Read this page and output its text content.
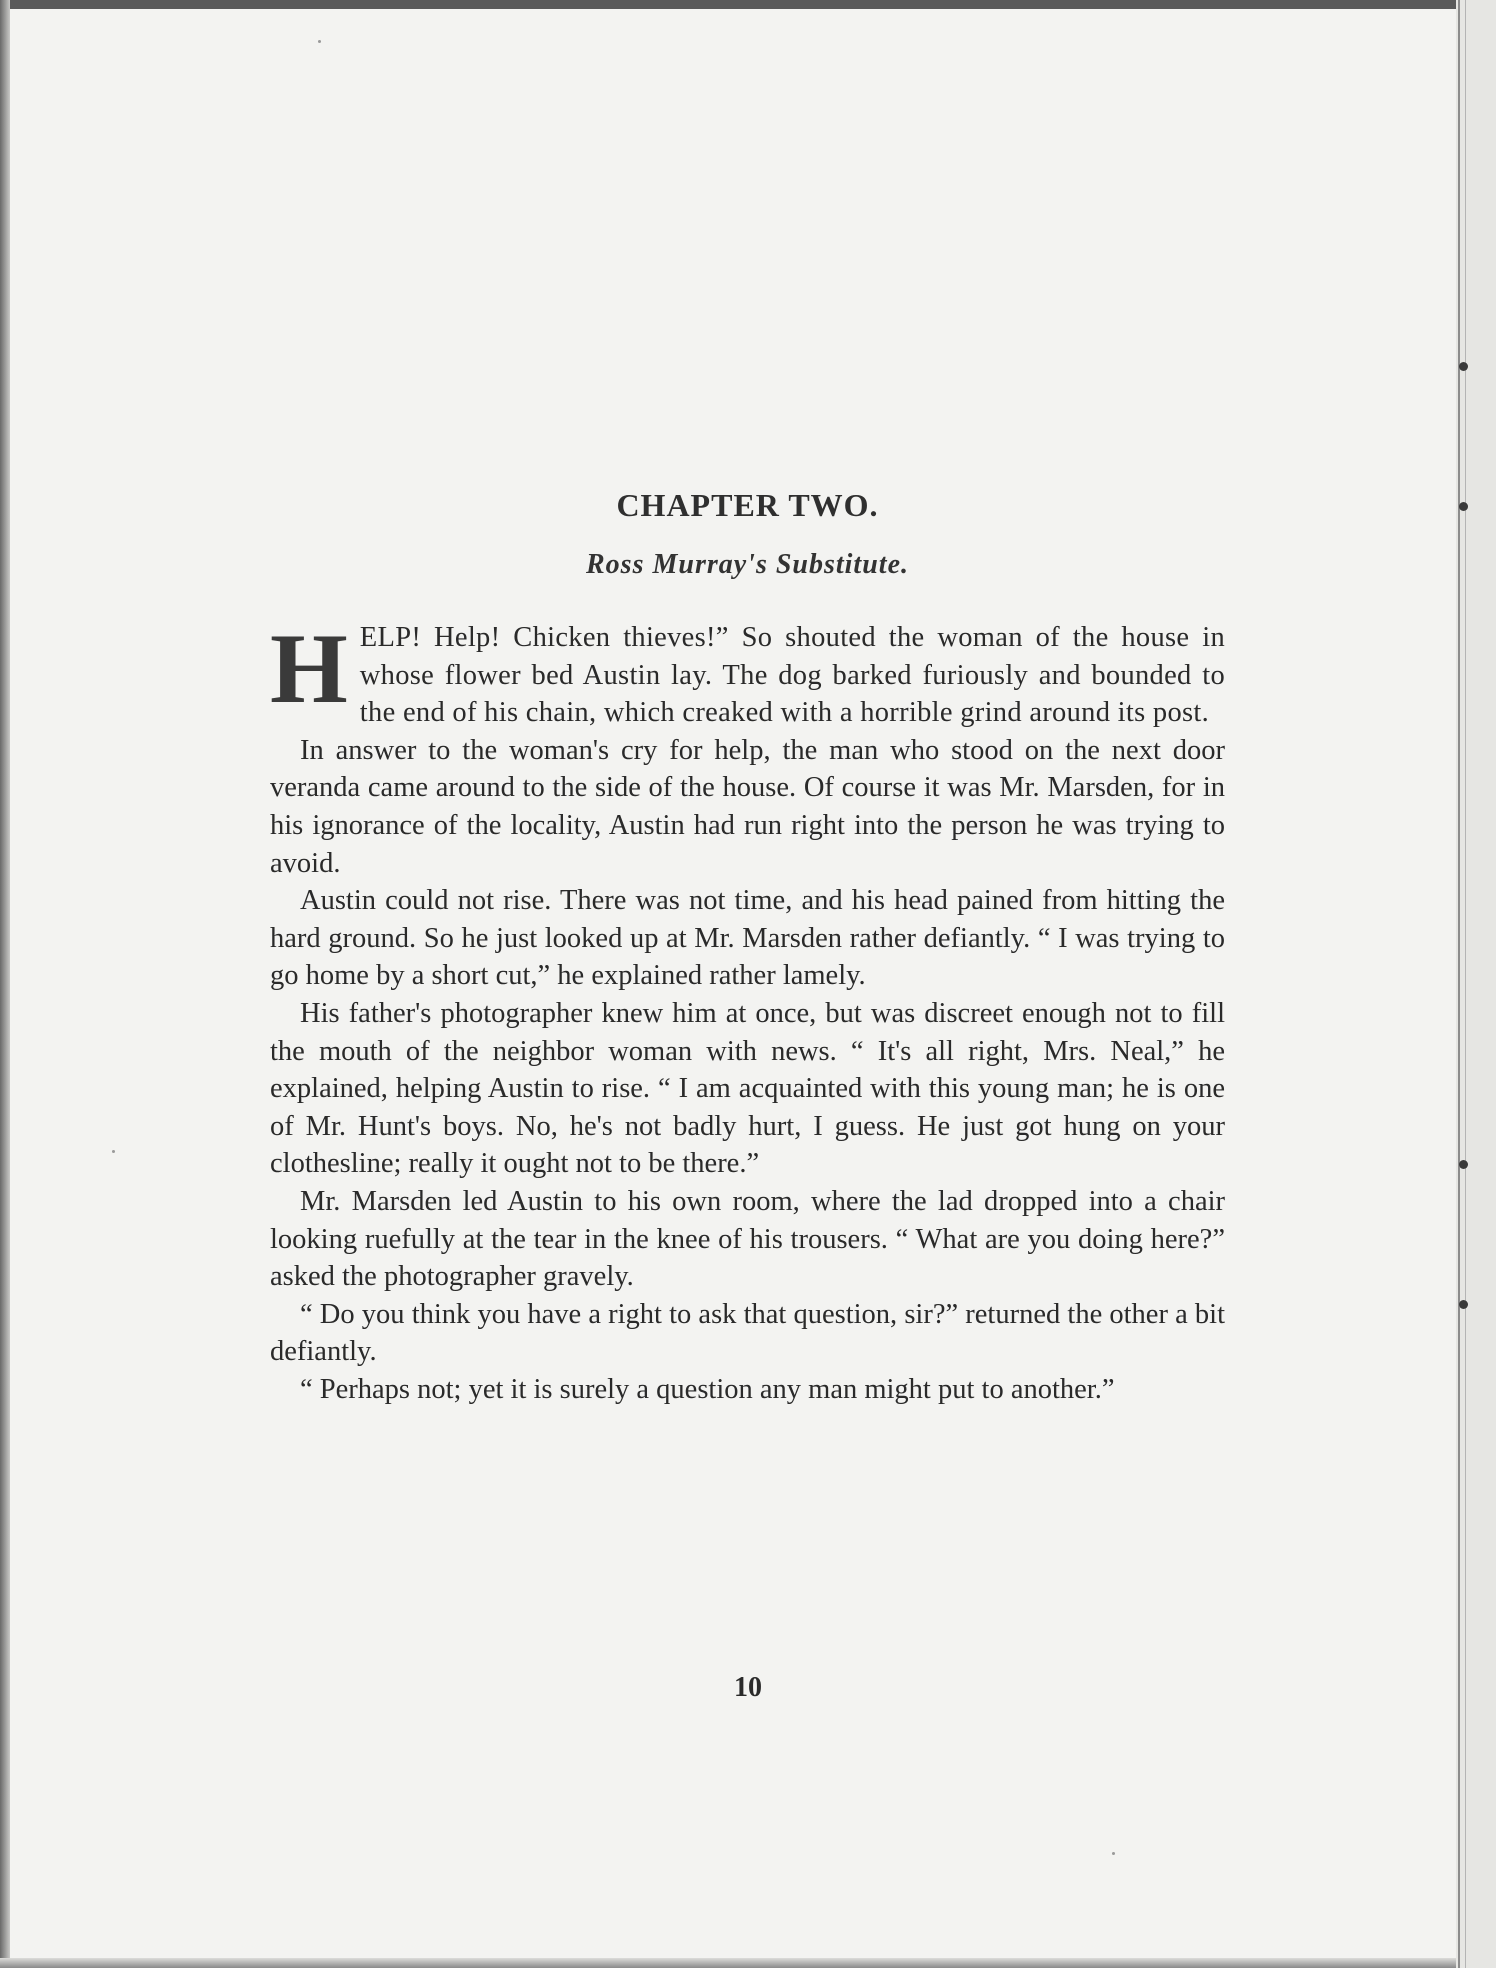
CHAPTER TWO.
Ross Murray's Substitute.

HELP! Help! Chicken thieves!” So shouted the woman of the house in whose flower bed Austin lay. The dog barked furiously and bounded to the end of his chain, which creaked with a horrible grind around its post.

In answer to the woman's cry for help, the man who stood on the next door veranda came around to the side of the house. Of course it was Mr. Marsden, for in his ignorance of the locality, Austin had run right into the person he was trying to avoid.

Austin could not rise. There was not time, and his head pained from hitting the hard ground. So he just looked up at Mr. Marsden rather defiantly. “ I was trying to go home by a short cut,” he explained rather lamely.

His father's photographer knew him at once, but was discreet enough not to fill the mouth of the neighbor woman with news. “ It's all right, Mrs. Neal,” he explained, helping Austin to rise. “ I am acquainted with this young man; he is one of Mr. Hunt's boys. No, he's not badly hurt, I guess. He just got hung on your clothesline; really it ought not to be there.”

Mr. Marsden led Austin to his own room, where the lad dropped into a chair looking ruefully at the tear in the knee of his trousers. “ What are you doing here?” asked the photographer gravely.

“ Do you think you have a right to ask that question, sir?” returned the other a bit defiantly.

“ Perhaps not; yet it is surely a question any man might put to another.”

10
